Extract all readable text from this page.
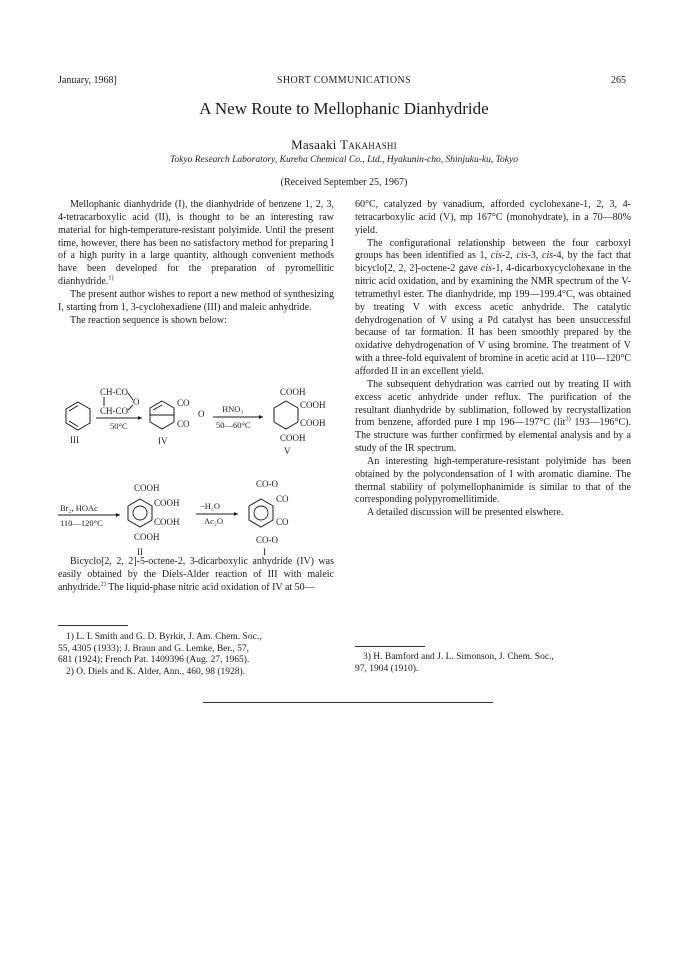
January, 1968]	SHORT COMMUNICATIONS	265
A New Route to Mellophanic Dianhydride
Masaaki Takahashi
Tokyo Research Laboratory, Kureha Chemical Co., Ltd., Hyakunin-cho, Shinjuku-ku, Tokyo
(Received September 25, 1967)

Mellophanic dianhydride (I), the dianhydride of benzene 1, 2, 3, 4-tetracarboxylic acid (II), is thought to be an interesting raw material for high-temperature-resistant polyimide. Until the present time, however, there has been no satisfactory method for preparing I of a high purity in a large quantity, although convenient methods have been developed for the preparation of pyromellitic dianhydride.$^{1)}$

The present author wishes to report a new method of synthesizing I, starting from 1, 3-cyclohexadiene (III) and maleic anhydride.

The reaction sequence is shown below:

III
CH-CO
CH-CO
O
50°C
CO
CO
O
IV
HNO₃
50—60°C
COOH
COOH
COOH
COOH
V
Br₂, HOAc
110—120°C
COOH
COOH
COOH
COOH
II
−H₂O
Ac₂O
CO-O
CO
CO
CO-O
I

Bicyclo[2, 2, 2]-5-octene-2, 3-dicarboxylic anhydride (IV) was easily obtained by the Diels-Alder reaction of III with maleic anhydride.$^{2)}$ The liquid-phase nitric acid oxidation of IV at 50—

1) L. I. Smith and G. D. Byrkit, J. Am. Chem. Soc.,
55, 4305 (1933); J. Braun and G. Lemke, Ber., 57,
681 (1924); French Pat. 1409396 (Aug. 27, 1965).

2) O. Diels and K. Alder, Ann., 460, 98 (1928).

60°C, catalyzed by vanadium, afforded cyclohexane-1, 2, 3, 4-tetracarboxylic acid (V), mp 167°C (monohydrate), in a 70—80% yield.

The configurational relationship between the four carboxyl groups has been identified as 1, cis-2, cis-3, cis-4, by the fact that bicyclo[2, 2, 2]-octene-2 gave cis-1, 4-dicarboxycyclohexane in the nitric acid oxidation, and by examining the NMR spectrum of the V-tetramethyl ester. The dianhydride, mp 199—199.4°C, was obtained by treating V with excess acetic anhydride. The catalytic dehydrogenation of V using a Pd catalyst has been unsuccessful because of tar formation. II has been smoothly prepared by the oxidative dehydrogenation of V using bromine. The treatment of V with a three-fold equivalent of bromine in acetic acid at 110—120°C afforded II in an excellent yield.

The subsequent dehydration was carried out by treating II with excess acetic anhydride under reflux. The purification of the resultant dianhydride by sublimation, followed by recrystallization from benzene, afforded pure I mp 196—197°C (lit$^{3)}$ 193—196°C). The structure was further confirmed by elemental analysis and by a study of the IR spectrum.

An interesting high-temperature-resistant polyimide has been obtained by the polycondensation of I with aromatic diamine. The thermal stability of polymellophanimide is similar to that of the corresponding polypyromellitimide.

A detailed discussion will be presented elswhere.

3) H. Bamford and J. L. Simonson, J. Chem. Soc.,
97, 1904 (1910).
